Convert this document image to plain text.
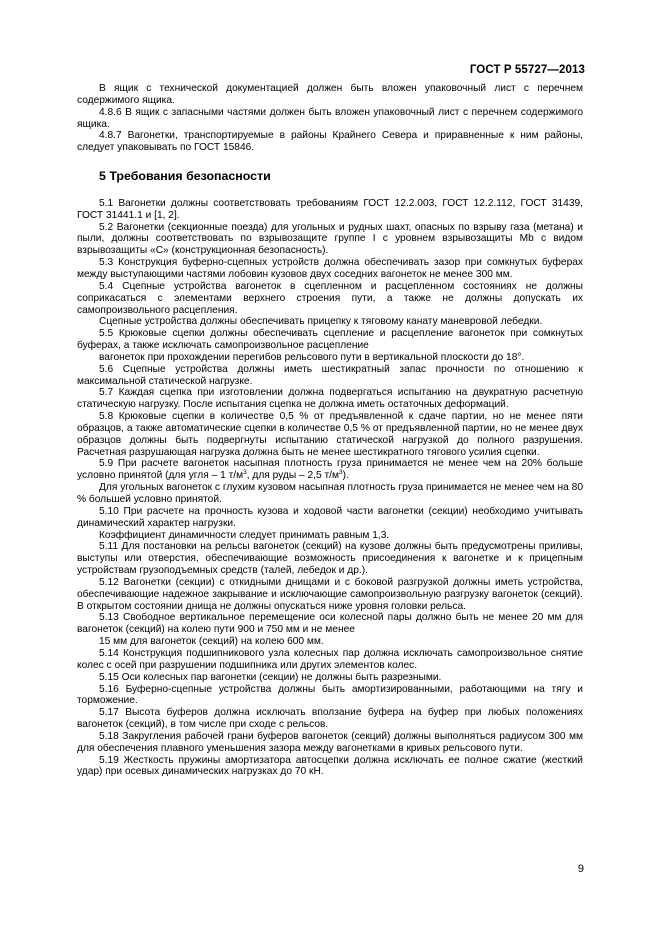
ГОСТ Р 55727—2013

В ящик с технической документацией должен быть вложен упаковочный лист с перечнем содержимого ящика.

4.8.6 В ящик с запасными частями должен быть вложен упаковочный лист с перечнем содержимого ящика.

4.8.7 Вагонетки, транспортируемые в районы Крайнего Севера и приравненные к ним районы, следует упаковывать по ГОСТ 15846.

5 Требования безопасности

5.1 Вагонетки должны соответствовать требованиям ГОСТ 12.2.003, ГОСТ 12.2.112, ГОСТ 31439, ГОСТ 31441.1 и [1, 2].

5.2 Вагонетки (секционные поезда) для угольных и рудных шахт, опасных по взрыву газа (метана) и пыли, должны соответствовать по взрывозащите группе I с уровнем взрывозащиты Mb с видом взрывозащиты «С» (конструкционная безопасность).

5.3 Конструкция буферно-сцепных устройств должна обеспечивать зазор при сомкнутых буферах между выступающими частями лобовин кузовов двух соседних вагонеток не менее 300 мм.

5.4 Сцепные устройства вагонеток в сцепленном и расцепленном состояниях не должны соприкасаться с элементами верхнего строения пути, а также не должны допускать их самопроизвольного расцепления.

Сцепные устройства должны обеспечивать прицепку к тяговому канату маневровой лебедки.

5.5 Крюковые сцепки должны обеспечивать сцепление и расцепление вагонеток при сомкнутых буферах, а также исключать самопроизвольное расцепление

вагонеток при прохождении перегибов рельсового пути в вертикальной плоскости до 18°.

5.6 Сцепные устройства должны иметь шестикратный запас прочности по отношению к максимальной статической нагрузке.

5.7 Каждая сцепка при изготовлении должна подвергаться испытанию на двукратную расчетную статическую нагрузку. После испытания сцепка не должна иметь остаточных деформаций.

5.8 Крюковые сцепки в количестве 0,5 % от предъявленной к сдаче партии, но не менее пяти образцов, а также автоматические сцепки в количестве 0,5 % от предъявленной партии, но не менее двух образцов должны быть подвергнуты испытанию статической нагрузкой до полного разрушения. Расчетная разрушающая нагрузка должна быть не менее шестикратного тягового усилия сцепки.

5.9 При расчете вагонеток насыпная плотность груза принимается не менее чем на 20% больше условно принятой (для угля – 1 $т/м^3$, для руды – 2,5 $т/м^3$).

Для угольных вагонеток с глухим кузовом насыпная плотность груза принимается не менее чем на 80 % большей условно принятой.

5.10 При расчете на прочность кузова и ходовой части вагонетки (секции) необходимо учитывать динамический характер нагрузки.

Коэффициент динамичности следует принимать равным 1,3.

5.11 Для постановки на рельсы вагонеток (секций) на кузове должны быть предусмотрены приливы, выступы или отверстия, обеспечивающие возможность присоединения к вагонетке и к прицепным устройствам грузоподъемных средств (талей, лебедок и др.).

5.12 Вагонетки (секции) с откидными днищами и с боковой разгрузкой должны иметь устройства, обеспечивающие надежное закрывание и исключающие самопроизвольную разгрузку вагонеток (секций). В открытом состоянии днища не должны опускаться ниже уровня головки рельса.

5.13 Свободное вертикальное перемещение оси колесной пары должно быть не менее 20 мм для вагонеток (секций) на колею пути 900 и 750 мм и не менее

15 мм для вагонеток (секций) на колею 600 мм.

5.14 Конструкция подшипникового узла колесных пар должна исключать самопроизвольное снятие колес с осей при разрушении подшипника или других элементов колес.

5.15 Оси колесных пар вагонетки (секции) не должны быть разрезными.

5.16 Буферно-сцепные устройства должны быть амортизированными, работающими на тягу и торможение.

5.17 Высота буферов должна исключать вползание буфера на буфер при любых положениях вагонеток (секций), в том числе при сходе с рельсов.

5.18 Закругления рабочей грани буферов вагонеток (секций) должны выполняться радиусом 300 мм для обеспечения плавного уменьшения зазора между вагонетками в кривых рельсового пути.

5.19 Жесткость пружины амортизатора автосцепки должна исключать ее полное сжатие (жесткий удар) при осевых динамических нагрузках до 70 кН.

9
